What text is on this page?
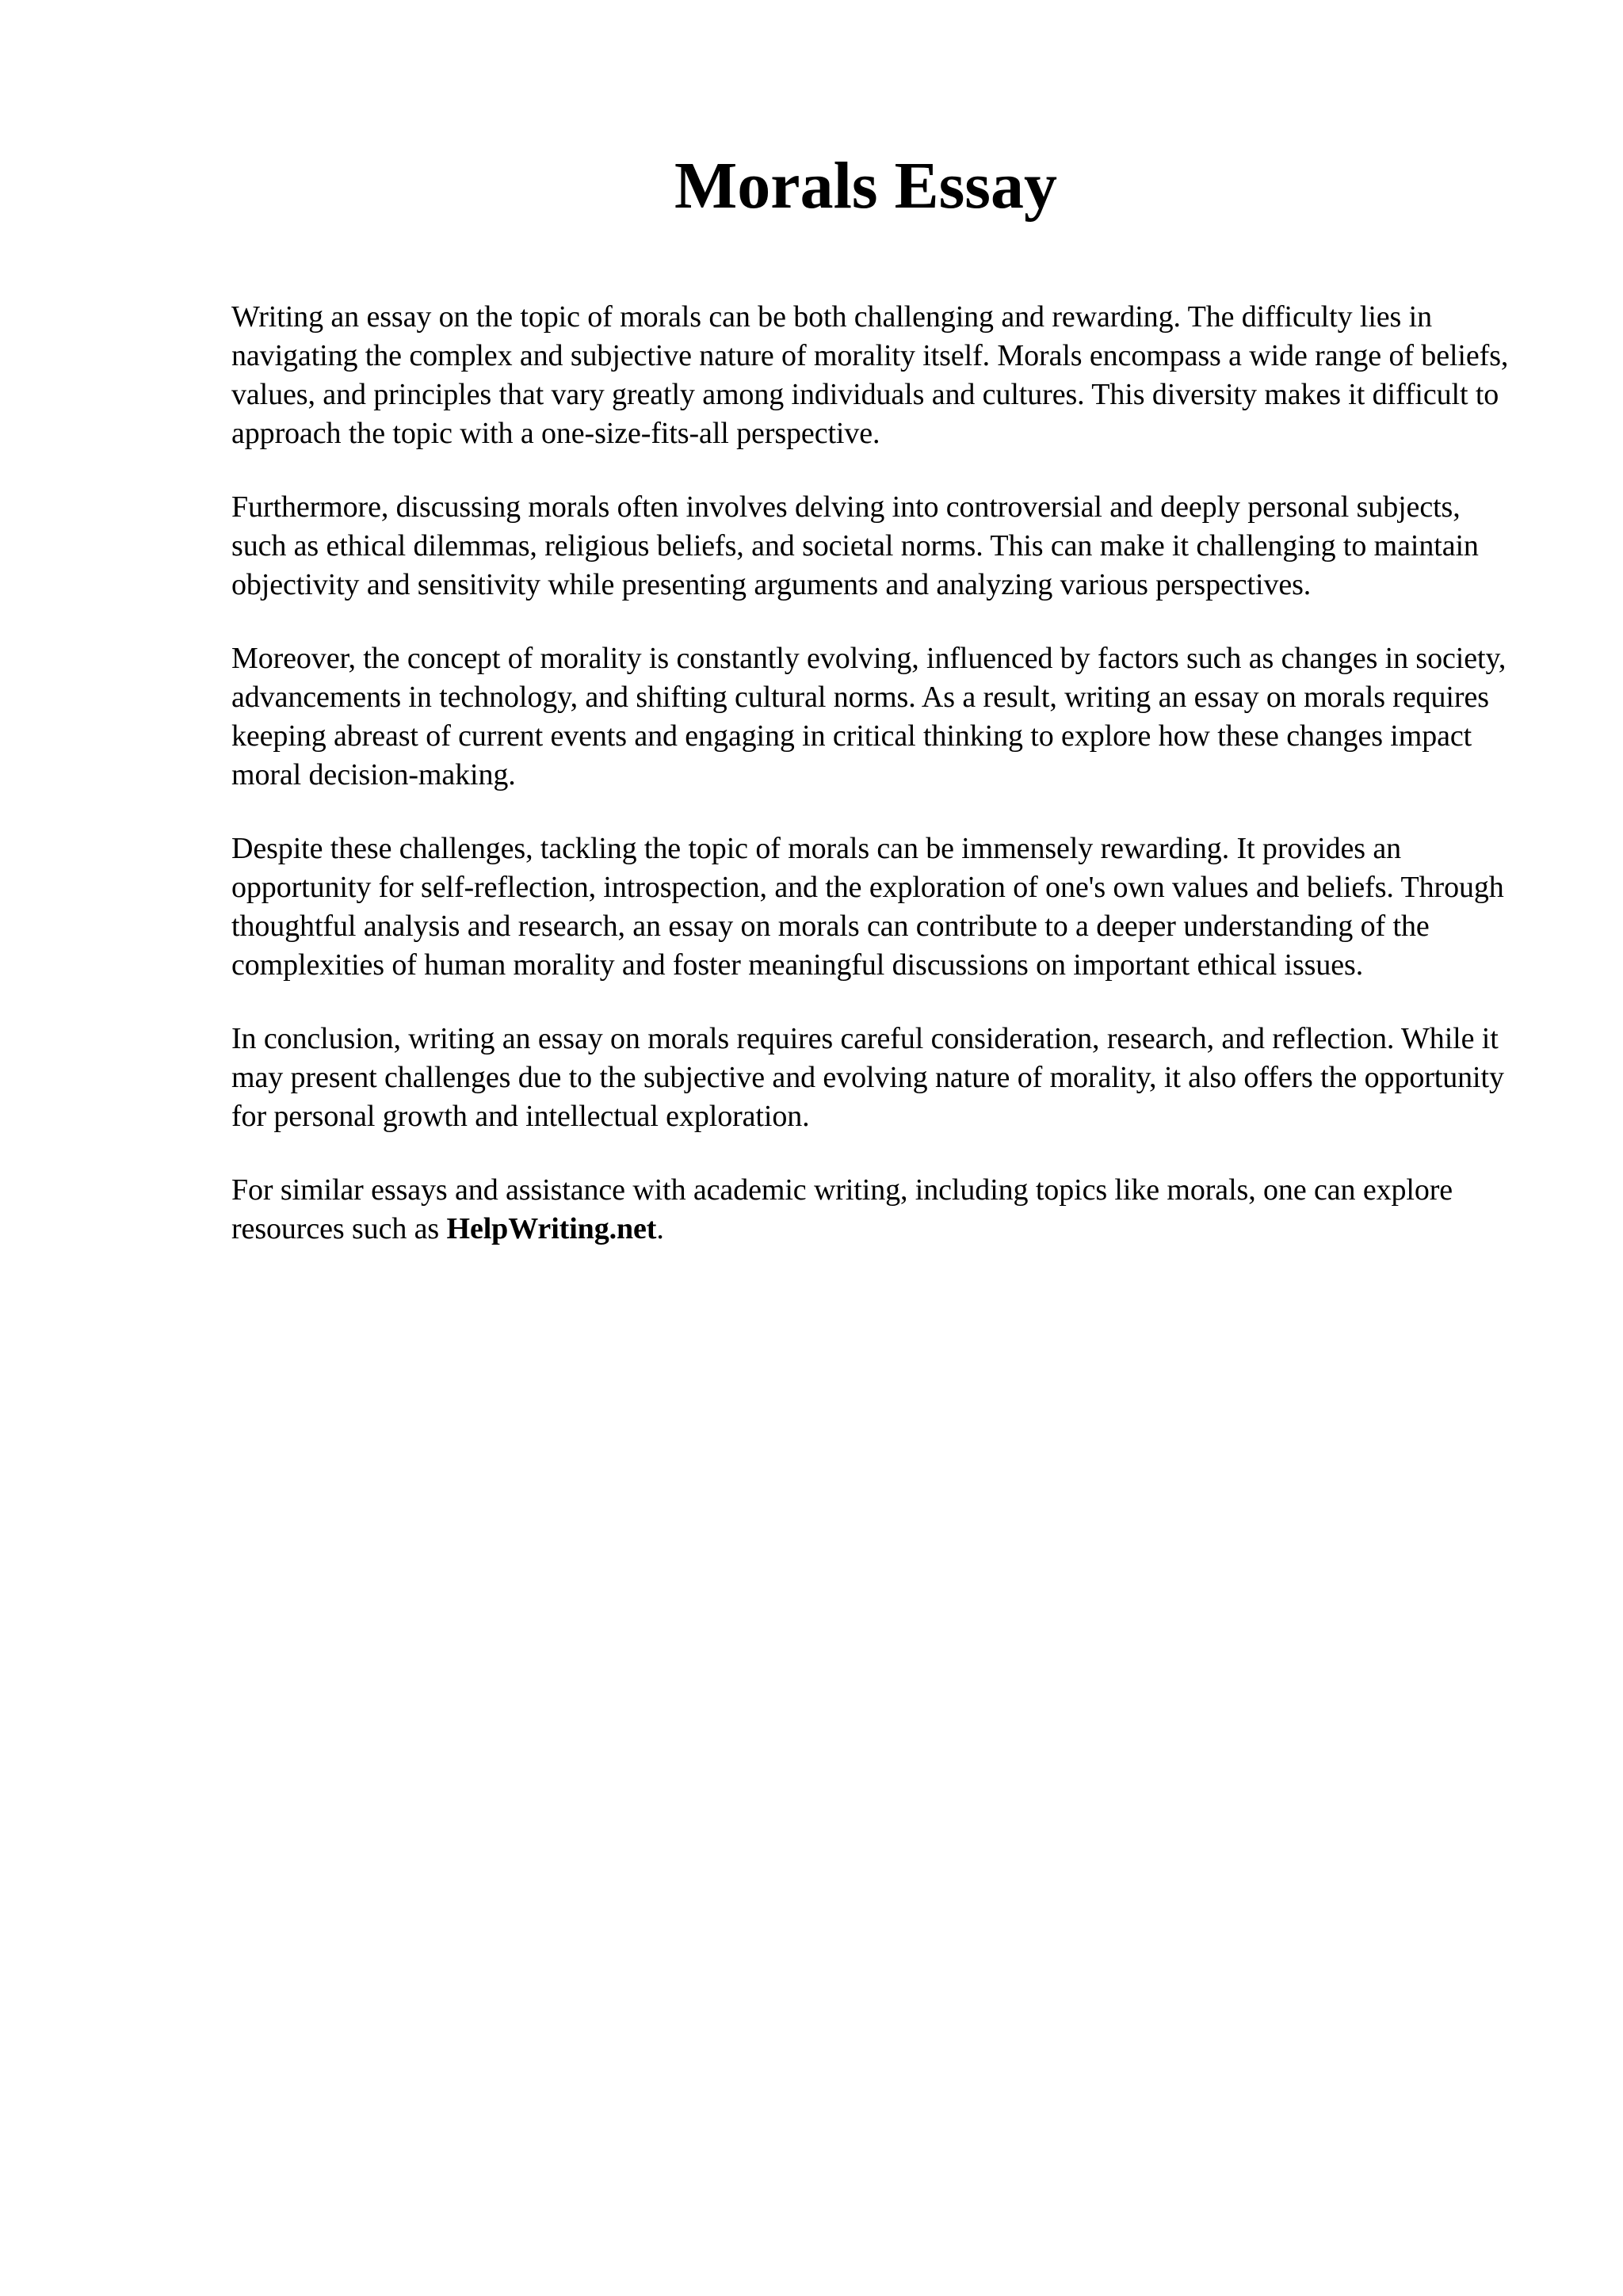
Morals Essay

Writing an essay on the topic of morals can be both challenging and rewarding. The difficulty lies in navigating the complex and subjective nature of morality itself. Morals encompass a wide range of beliefs, values, and principles that vary greatly among individuals and cultures. This diversity makes it difficult to approach the topic with a one-size-fits-all perspective.

Furthermore, discussing morals often involves delving into controversial and deeply personal subjects, such as ethical dilemmas, religious beliefs, and societal norms. This can make it challenging to maintain objectivity and sensitivity while presenting arguments and analyzing various perspectives.

Moreover, the concept of morality is constantly evolving, influenced by factors such as changes in society, advancements in technology, and shifting cultural norms. As a result, writing an essay on morals requires keeping abreast of current events and engaging in critical thinking to explore how these changes impact moral decision-making.

Despite these challenges, tackling the topic of morals can be immensely rewarding. It provides an opportunity for self-reflection, introspection, and the exploration of one's own values and beliefs. Through thoughtful analysis and research, an essay on morals can contribute to a deeper understanding of the complexities of human morality and foster meaningful discussions on important ethical issues.

In conclusion, writing an essay on morals requires careful consideration, research, and reflection. While it may present challenges due to the subjective and evolving nature of morality, it also offers the opportunity for personal growth and intellectual exploration.

For similar essays and assistance with academic writing, including topics like morals, one can explore resources such as HelpWriting.net.
